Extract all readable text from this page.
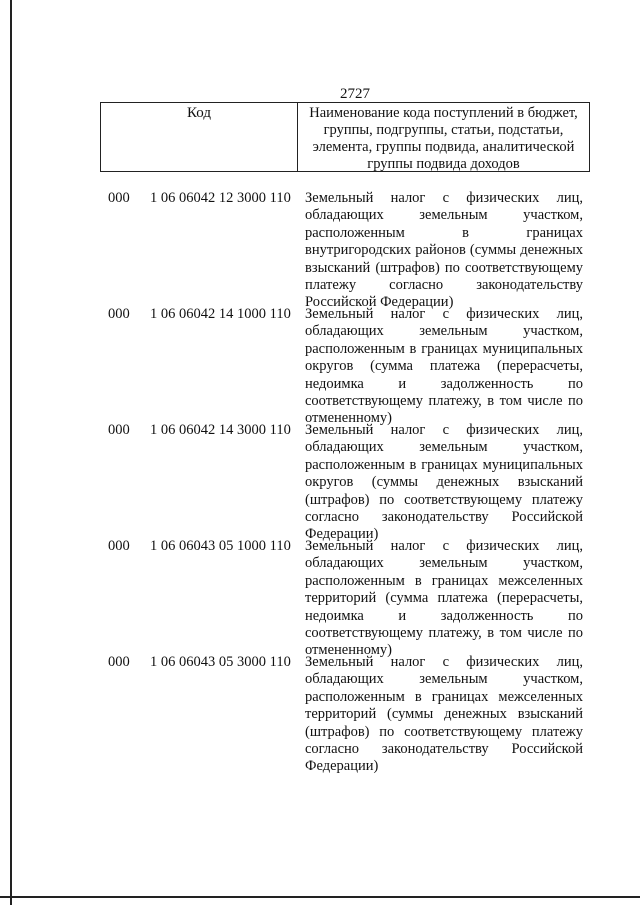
2727
Код	Наименование кода поступлений в бюджет, группы, подгруппы, статьи, подстатьи, элемента, группы подвида, аналитической группы подвида доходов
000 1 06 06042 12 3000 110 Земельный налог с физических лиц, обладающих земельным участком, расположенным в границах внутригородских районов (суммы денежных взысканий (штрафов) по соответствующему платежу согласно законодательству Российской Федерации)
000 1 06 06042 14 1000 110 Земельный налог с физических лиц, обладающих земельным участком, расположенным в границах муниципальных округов (сумма платежа (перерасчеты, недоимка и задолженность по соответствующему платежу, в том числе по отмененному)
000 1 06 06042 14 3000 110 Земельный налог с физических лиц, обладающих земельным участком, расположенным в границах муниципальных округов (суммы денежных взысканий (штрафов) по соответствующему платежу согласно законодательству Российской Федерации)
000 1 06 06043 05 1000 110 Земельный налог с физических лиц, обладающих земельным участком, расположенным в границах межселенных территорий (сумма платежа (перерасчеты, недоимка и задолженность по соответствующему платежу, в том числе по отмененному)
000 1 06 06043 05 3000 110 Земельный налог с физических лиц, обладающих земельным участком, расположенным в границах межселенных территорий (суммы денежных взысканий (штрафов) по соответствующему платежу согласно законодательству Российской Федерации)
